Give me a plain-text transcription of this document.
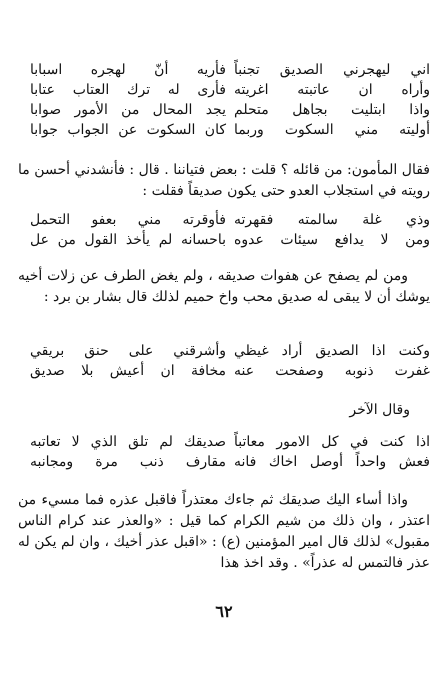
اني ليهجرني الصديق تجنباً
فأريه أنّ لهجره اسبابا
وأراه ان عاتبته اغريته
فأرى له ترك العتاب عتابا
واذا ابتليت بجاهل متحلم
يجد المحال من الأمور صوابا
أوليته مني السكوت وربما
كان السكوت عن الجواب جوابا

فقال المأمون: من قائله ؟ قلت : بعض فتياننا . قال : فأنشدني أحسن ما رويته في استجلاب العدو حتى يكون صديقاً فقلت :

وذي غلة سالمته فقهرته
فأوقرته مني بعفو التحمل
ومن لا يدافع سيئات عدوه
باحسانه لم يأخذ القول من عل

ومن لم يصفح عن هفوات صديقه ، ولم يغض الطرف عن زلات أخيه يوشك أن لا يبقى له صديق محب واخ حميم لذلك قال بشار بن برد :

وكنت اذا الصديق أراد غيظي
وأشرقني على حنق بريقي
غفرت ذنوبه وصفحت عنه
مخافة ان أعيش بلا صديق
وقال الآخر
اذا كنت في كل الامور معاتباً
صديقك لم تلق الذي لا تعاتبه
فعش واحداً أوصل اخاك فانه
مقارف ذنب مرة ومجانبه

واذا أساء اليك صديقك ثم جاءك معتذراً فاقبل عذره فما مسيء من اعتذر ، وان ذلك من شيم الكرام كما قيل : «والعذر عند كرام الناس مقبول» لذلك قال امير المؤمنين (ع) : «اقبل عذر أخيك ، وان لم يكن له عذر فالتمس له عذراً» . وقد اخذ هذا

٦٢
